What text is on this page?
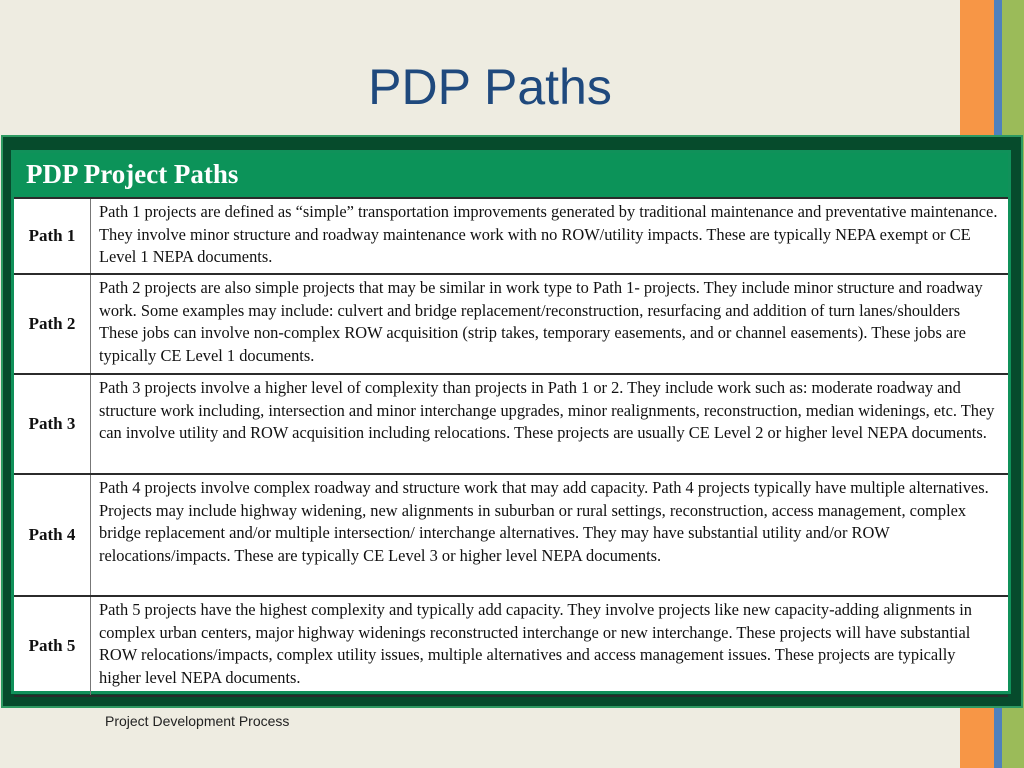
PDP Paths
PDP Project Paths
Path 1	Path 1 projects are defined as “simple” transportation improvements generated by traditional maintenance and preventative maintenance. They involve minor structure and roadway maintenance work with no ROW/utility impacts. These are typically NEPA exempt or CE Level 1 NEPA documents.
Path 2	Path 2 projects are also simple projects that may be similar in work type to Path 1- projects. They include minor structure and roadway work. Some examples may include: culvert and bridge replacement/reconstruction, resurfacing and addition of turn lanes/shoulders These jobs can involve non-complex ROW acquisition (strip takes, temporary easements, and or channel easements). These jobs are typically CE Level 1 documents.
Path 3	Path 3 projects involve a higher level of complexity than projects in Path 1 or 2. They include work such as: moderate roadway and structure work including, intersection and minor interchange upgrades, minor realignments, reconstruction, median widenings, etc. They can involve utility and ROW acquisition including relocations. These projects are usually CE Level 2 or higher level NEPA documents.
Path 4	Path 4 projects involve complex roadway and structure work that may add capacity. Path 4 projects typically have multiple alternatives. Projects may include highway widening, new alignments in suburban or rural settings, reconstruction, access management, complex bridge replacement and/or multiple intersection/ interchange alternatives. They may have substantial utility and/or ROW relocations/impacts. These are typically CE Level 3 or higher level NEPA documents.
Path 5	Path 5 projects have the highest complexity and typically add capacity. They involve projects like new capacity-adding alignments in complex urban centers, major highway widenings reconstructed interchange or new interchange. These projects will have substantial ROW relocations/impacts, complex utility issues, multiple alternatives and access management issues. These projects are typically higher level NEPA documents.
Project Development Process
